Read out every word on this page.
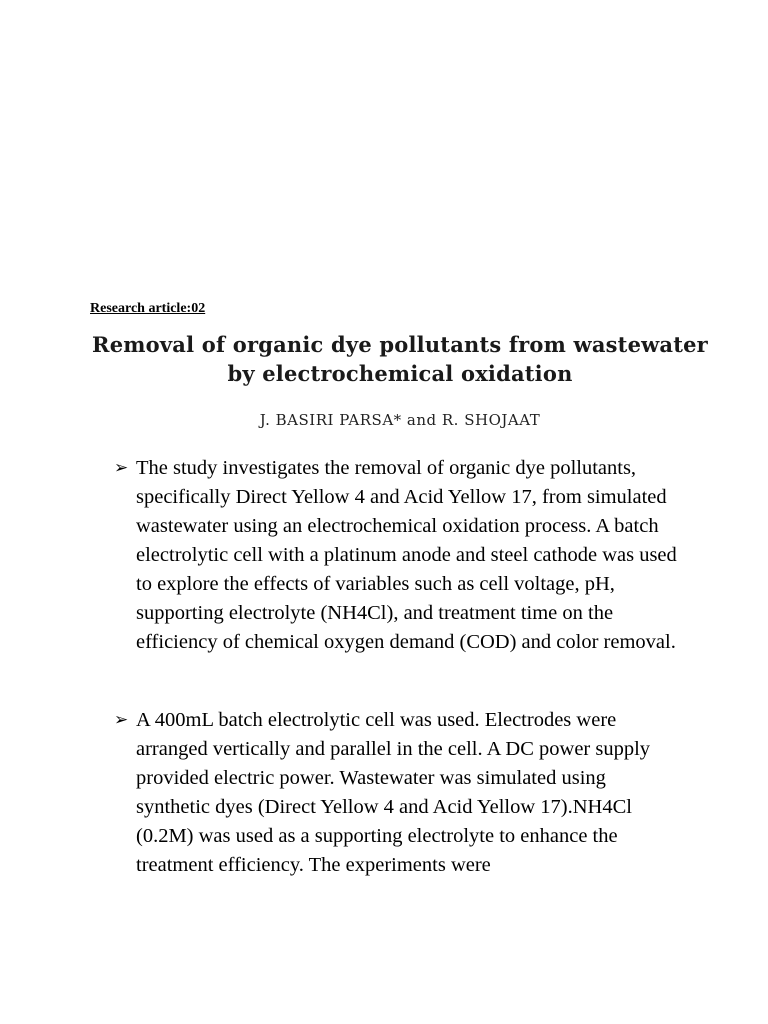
Research article:02
Removal of organic dye pollutants from wastewater by electrochemical oxidation
J. BASIRI PARSA* and R. SHOJAAT
➢ The study investigates the removal of organic dye pollutants, specifically Direct Yellow 4 and Acid Yellow 17, from simulated wastewater using an electrochemical oxidation process. A batch electrolytic cell with a platinum anode and steel cathode was used to explore the effects of variables such as cell voltage, pH, supporting electrolyte (NH4Cl), and treatment time on the efficiency of chemical oxygen demand (COD) and color removal.
➢ A 400mL batch electrolytic cell was used. Electrodes were arranged vertically and parallel in the cell. A DC power supply provided electric power. Wastewater was simulated using synthetic dyes (Direct Yellow 4 and Acid Yellow 17).NH4Cl (0.2M) was used as a supporting electrolyte to enhance the treatment efficiency. The experiments were
